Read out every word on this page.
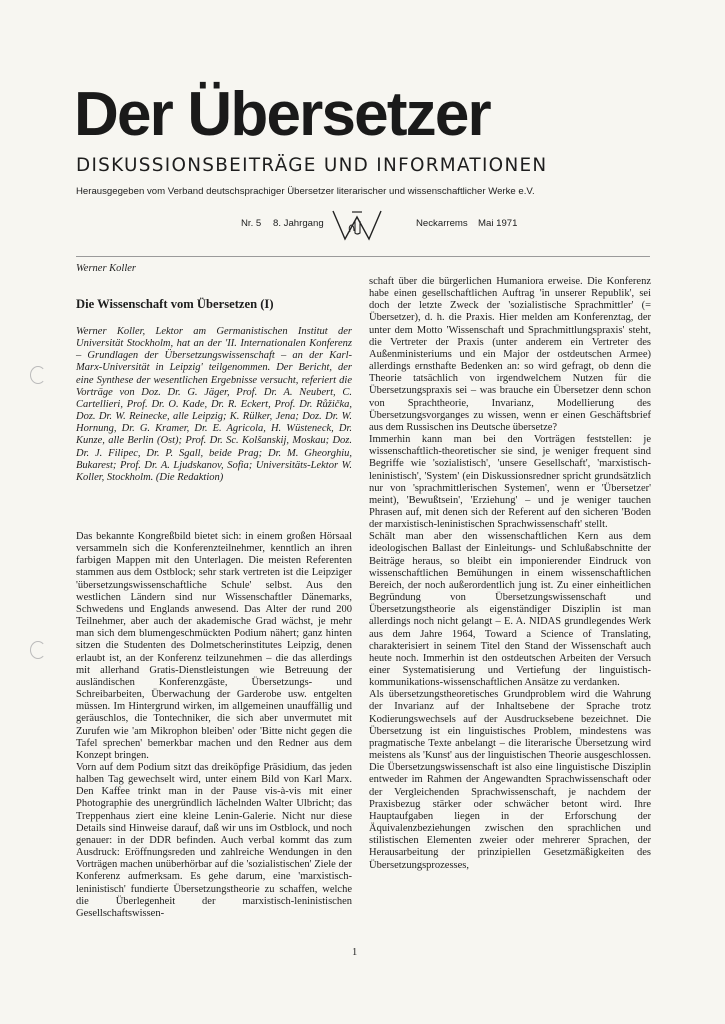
Der Übersetzer
DISKUSSIONSBEITRÄGE UND INFORMATIONEN
Herausgegeben vom Verband deutschsprachiger Übersetzer literarischer und wissenschaftlicher Werke e.V.
Nr. 5 8. Jahrgang	Neckarrems Mai 1971
Werner Koller
Die Wissenschaft vom Übersetzen (I)
Werner Koller, Lektor am Germanistischen Institut der Universität Stockholm, hat an der 'II. Internationalen Konferenz – Grundlagen der Übersetzungswissenschaft – an der Karl-Marx-Universität in Leipzig' teilgenommen. Der Bericht, der eine Synthese der wesentlichen Ergebnisse versucht, referiert die Vorträge von Doz. Dr. G. Jäger, Prof. Dr. A. Neubert, C. Cartellieri, Prof. Dr. O. Kade, Dr. R. Eckert, Prof. Dr. Růžička, Doz. Dr. W. Reinecke, alle Leipzig; K. Rülker, Jena; Doz. Dr. W. Hornung, Dr. G. Kramer, Dr. E. Agricola, H. Wüsteneck, Dr. Kunze, alle Berlin (Ost); Prof. Dr. Sc. Kolšanskij, Moskau; Doz. Dr. J. Filipec, Dr. P. Sgall, beide Prag; Dr. M. Gheorghiu, Bukarest; Prof. Dr. A. Ljudskanov, Sofia; Universitäts-Lektor W. Koller, Stockholm. (Die Redaktion)

Das bekannte Kongreßbild bietet sich: in einem großen Hörsaal versammeln sich die Konferenzteilnehmer, kenntlich an ihren farbigen Mappen mit den Unterlagen. Die meisten Referenten stammen aus dem Ostblock; sehr stark vertreten ist die Leipziger 'übersetzungswissenschaftliche Schule' selbst. Aus den westlichen Ländern sind nur Wissenschaftler Dänemarks, Schwedens und Englands anwesend. Das Alter der rund 200 Teilnehmer, aber auch der akademische Grad wächst, je mehr man sich dem blumengeschmückten Podium nähert; ganz hinten sitzen die Studenten des Dolmetscherinstitutes Leipzig, denen erlaubt ist, an der Konferenz teilzunehmen – die das allerdings mit allerhand Gratis-Dienstleistungen wie Betreuung der ausländischen Konferenzgäste, Übersetzungs- und Schreibarbeiten, Überwachung der Garderobe usw. entgelten müssen. Im Hintergrund wirken, im allgemeinen unauffällig und geräuschlos, die Tontechniker, die sich aber unvermutet mit Zurufen wie 'am Mikrophon bleiben' oder 'Bitte nicht gegen die Tafel sprechen' bemerkbar machen und den Redner aus dem Konzept bringen.

Vorn auf dem Podium sitzt das dreiköpfige Präsidium, das jeden halben Tag gewechselt wird, unter einem Bild von Karl Marx. Den Kaffee trinkt man in der Pause vis-à-vis mit einer Photographie des unergründlich lächelnden Walter Ulbricht; das Treppenhaus ziert eine kleine Lenin-Galerie. Nicht nur diese Details sind Hinweise darauf, daß wir uns im Ostblock, und noch genauer: in der DDR befinden. Auch verbal kommt das zum Ausdruck: Eröffnungsreden und zahlreiche Wendungen in den Vorträgen machen unüberhörbar auf die 'sozialistischen' Ziele der Konferenz aufmerksam. Es gehe darum, eine 'marxistisch-leninistisch' fundierte Übersetzungstheorie zu schaffen, welche die Überlegenheit der marxistisch-leninistischen Gesellschaftswissen-

schaft über die bürgerlichen Humaniora erweise. Die Konferenz habe einen gesellschaftlichen Auftrag 'in unserer Republik', sei doch der letzte Zweck der 'sozialistische Sprachmittler' (= Übersetzer), d. h. die Praxis. Hier melden am Konferenztag, der unter dem Motto 'Wissenschaft und Sprachmittlungspraxis' steht, die Vertreter der Praxis (unter anderem ein Vertreter des Außenministeriums und ein Major der ostdeutschen Armee) allerdings ernsthafte Bedenken an: so wird gefragt, ob denn die Theorie tatsächlich von irgendwelchem Nutzen für die Übersetzungspraxis sei – was brauche ein Übersetzer denn schon von Sprachtheorie, Invarianz, Modellierung des Übersetzungsvorganges zu wissen, wenn er einen Geschäftsbrief aus dem Russischen ins Deutsche übersetze?

Immerhin kann man bei den Vorträgen feststellen: je wissenschaftlich-theoretischer sie sind, je weniger frequent sind Begriffe wie 'sozialistisch', 'unsere Gesellschaft', 'marxistisch-leninistisch', 'System' (ein Diskussionsredner spricht grundsätzlich nur von 'sprachmittlerischen Systemen', wenn er 'Übersetzer' meint), 'Bewußtsein', 'Erziehung' – und je weniger tauchen Phrasen auf, mit denen sich der Referent auf den sicheren 'Boden der marxistisch-leninistischen Sprachwissenschaft' stellt.

Schält man aber den wissenschaftlichen Kern aus dem ideologischen Ballast der Einleitungs- und Schlußabschnitte der Beiträge heraus, so bleibt ein imponierender Eindruck von wissenschaftlichen Bemühungen in einem wissenschaftlichen Bereich, der noch außerordentlich jung ist. Zu einer einheitlichen Begründung von Übersetzungswissenschaft und Übersetzungstheorie als eigenständiger Disziplin ist man allerdings noch nicht gelangt – E. A. NIDAS grundlegendes Werk aus dem Jahre 1964, Toward a Science of Translating, charakterisiert in seinem Titel den Stand der Wissenschaft auch heute noch. Immerhin ist den ostdeutschen Arbeiten der Versuch einer Systematisierung und Vertiefung der linguistisch-kommunikations-wissenschaftlichen Ansätze zu verdanken.

Als übersetzungstheoretisches Grundproblem wird die Wahrung der Invarianz auf der Inhaltsebene der Sprache trotz Kodierungswechsels auf der Ausdrucksebene bezeichnet. Die Übersetzung ist ein linguistisches Problem, mindestens was pragmatische Texte anbelangt – die literarische Übersetzung wird meistens als 'Kunst' aus der linguistischen Theorie ausgeschlossen. Die Übersetzungswissenschaft ist also eine linguistische Disziplin entweder im Rahmen der Angewandten Sprachwissenschaft oder der Vergleichenden Sprachwissenschaft, je nachdem der Praxisbezug stärker oder schwächer betont wird. Ihre Hauptaufgaben liegen in der Erforschung der Äquivalenzbeziehungen zwischen den sprachlichen und stilistischen Elementen zweier oder mehrerer Sprachen, der Herausarbeitung der prinzipiellen Gesetzmäßigkeiten des Übersetzungsprozesses,

1
